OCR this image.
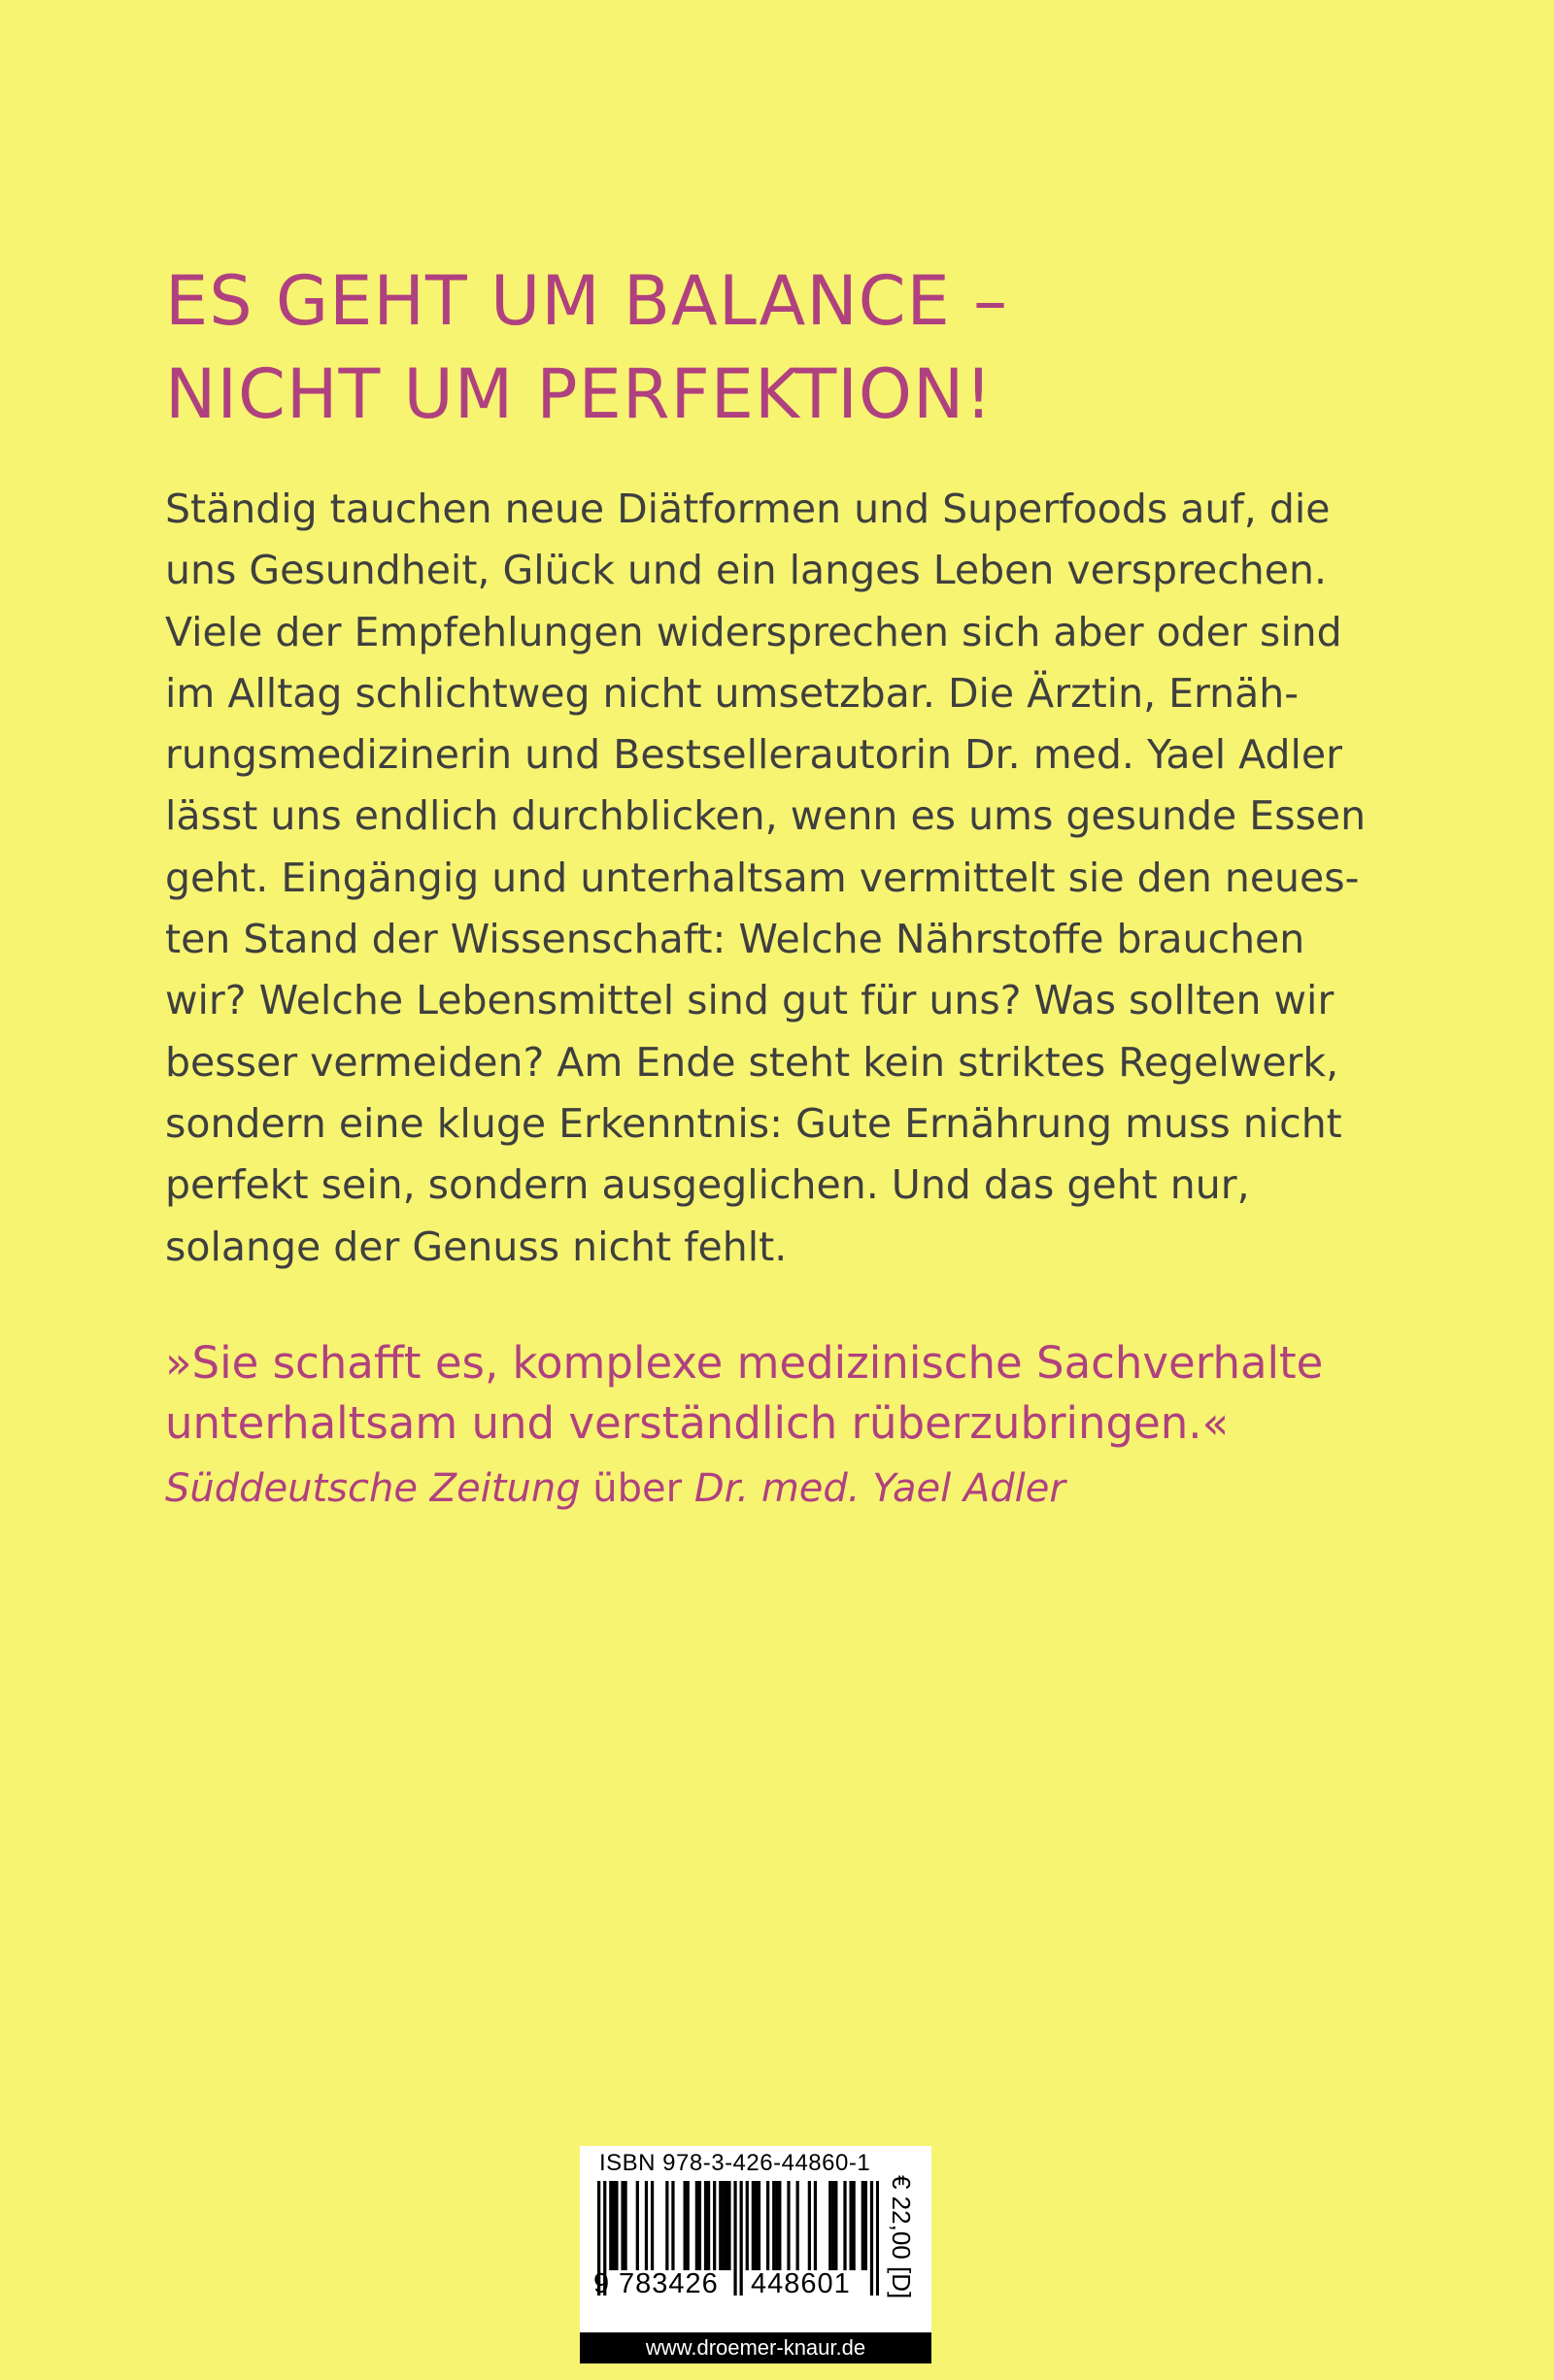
ES GEHT UM BALANCE –
NICHT UM PERFEKTION!

Ständig tauchen neue Diätformen und Superfoods auf, die
uns Gesundheit, Glück und ein langes Leben versprechen.
Viele der Empfehlungen widersprechen sich aber oder sind
im Alltag schlichtweg nicht umsetzbar. Die Ärztin, Ernäh-
rungsmedizinerin und Bestsellerautorin Dr. med. Yael Adler
lässt uns endlich durchblicken, wenn es ums gesunde Essen
geht. Eingängig und unterhaltsam vermittelt sie den neues-
ten Stand der Wissenschaft: Welche Nährstoffe brauchen
wir? Welche Lebensmittel sind gut für uns? Was sollten wir
besser vermeiden? Am Ende steht kein striktes Regelwerk,
sondern eine kluge Erkenntnis: Gute Ernährung muss nicht
perfekt sein, sondern ausgeglichen. Und das geht nur,
solange der Genuss nicht fehlt.

»Sie schafft es, komplexe medizinische Sachverhalte
unterhaltsam und verständlich rüberzubringen.«

Süddeutsche Zeitung über Dr. med. Yael Adler
ISBN 978-3-426-44860-1
9 783426 448601 € 22,00 [D]
www.droemer-knaur.de
